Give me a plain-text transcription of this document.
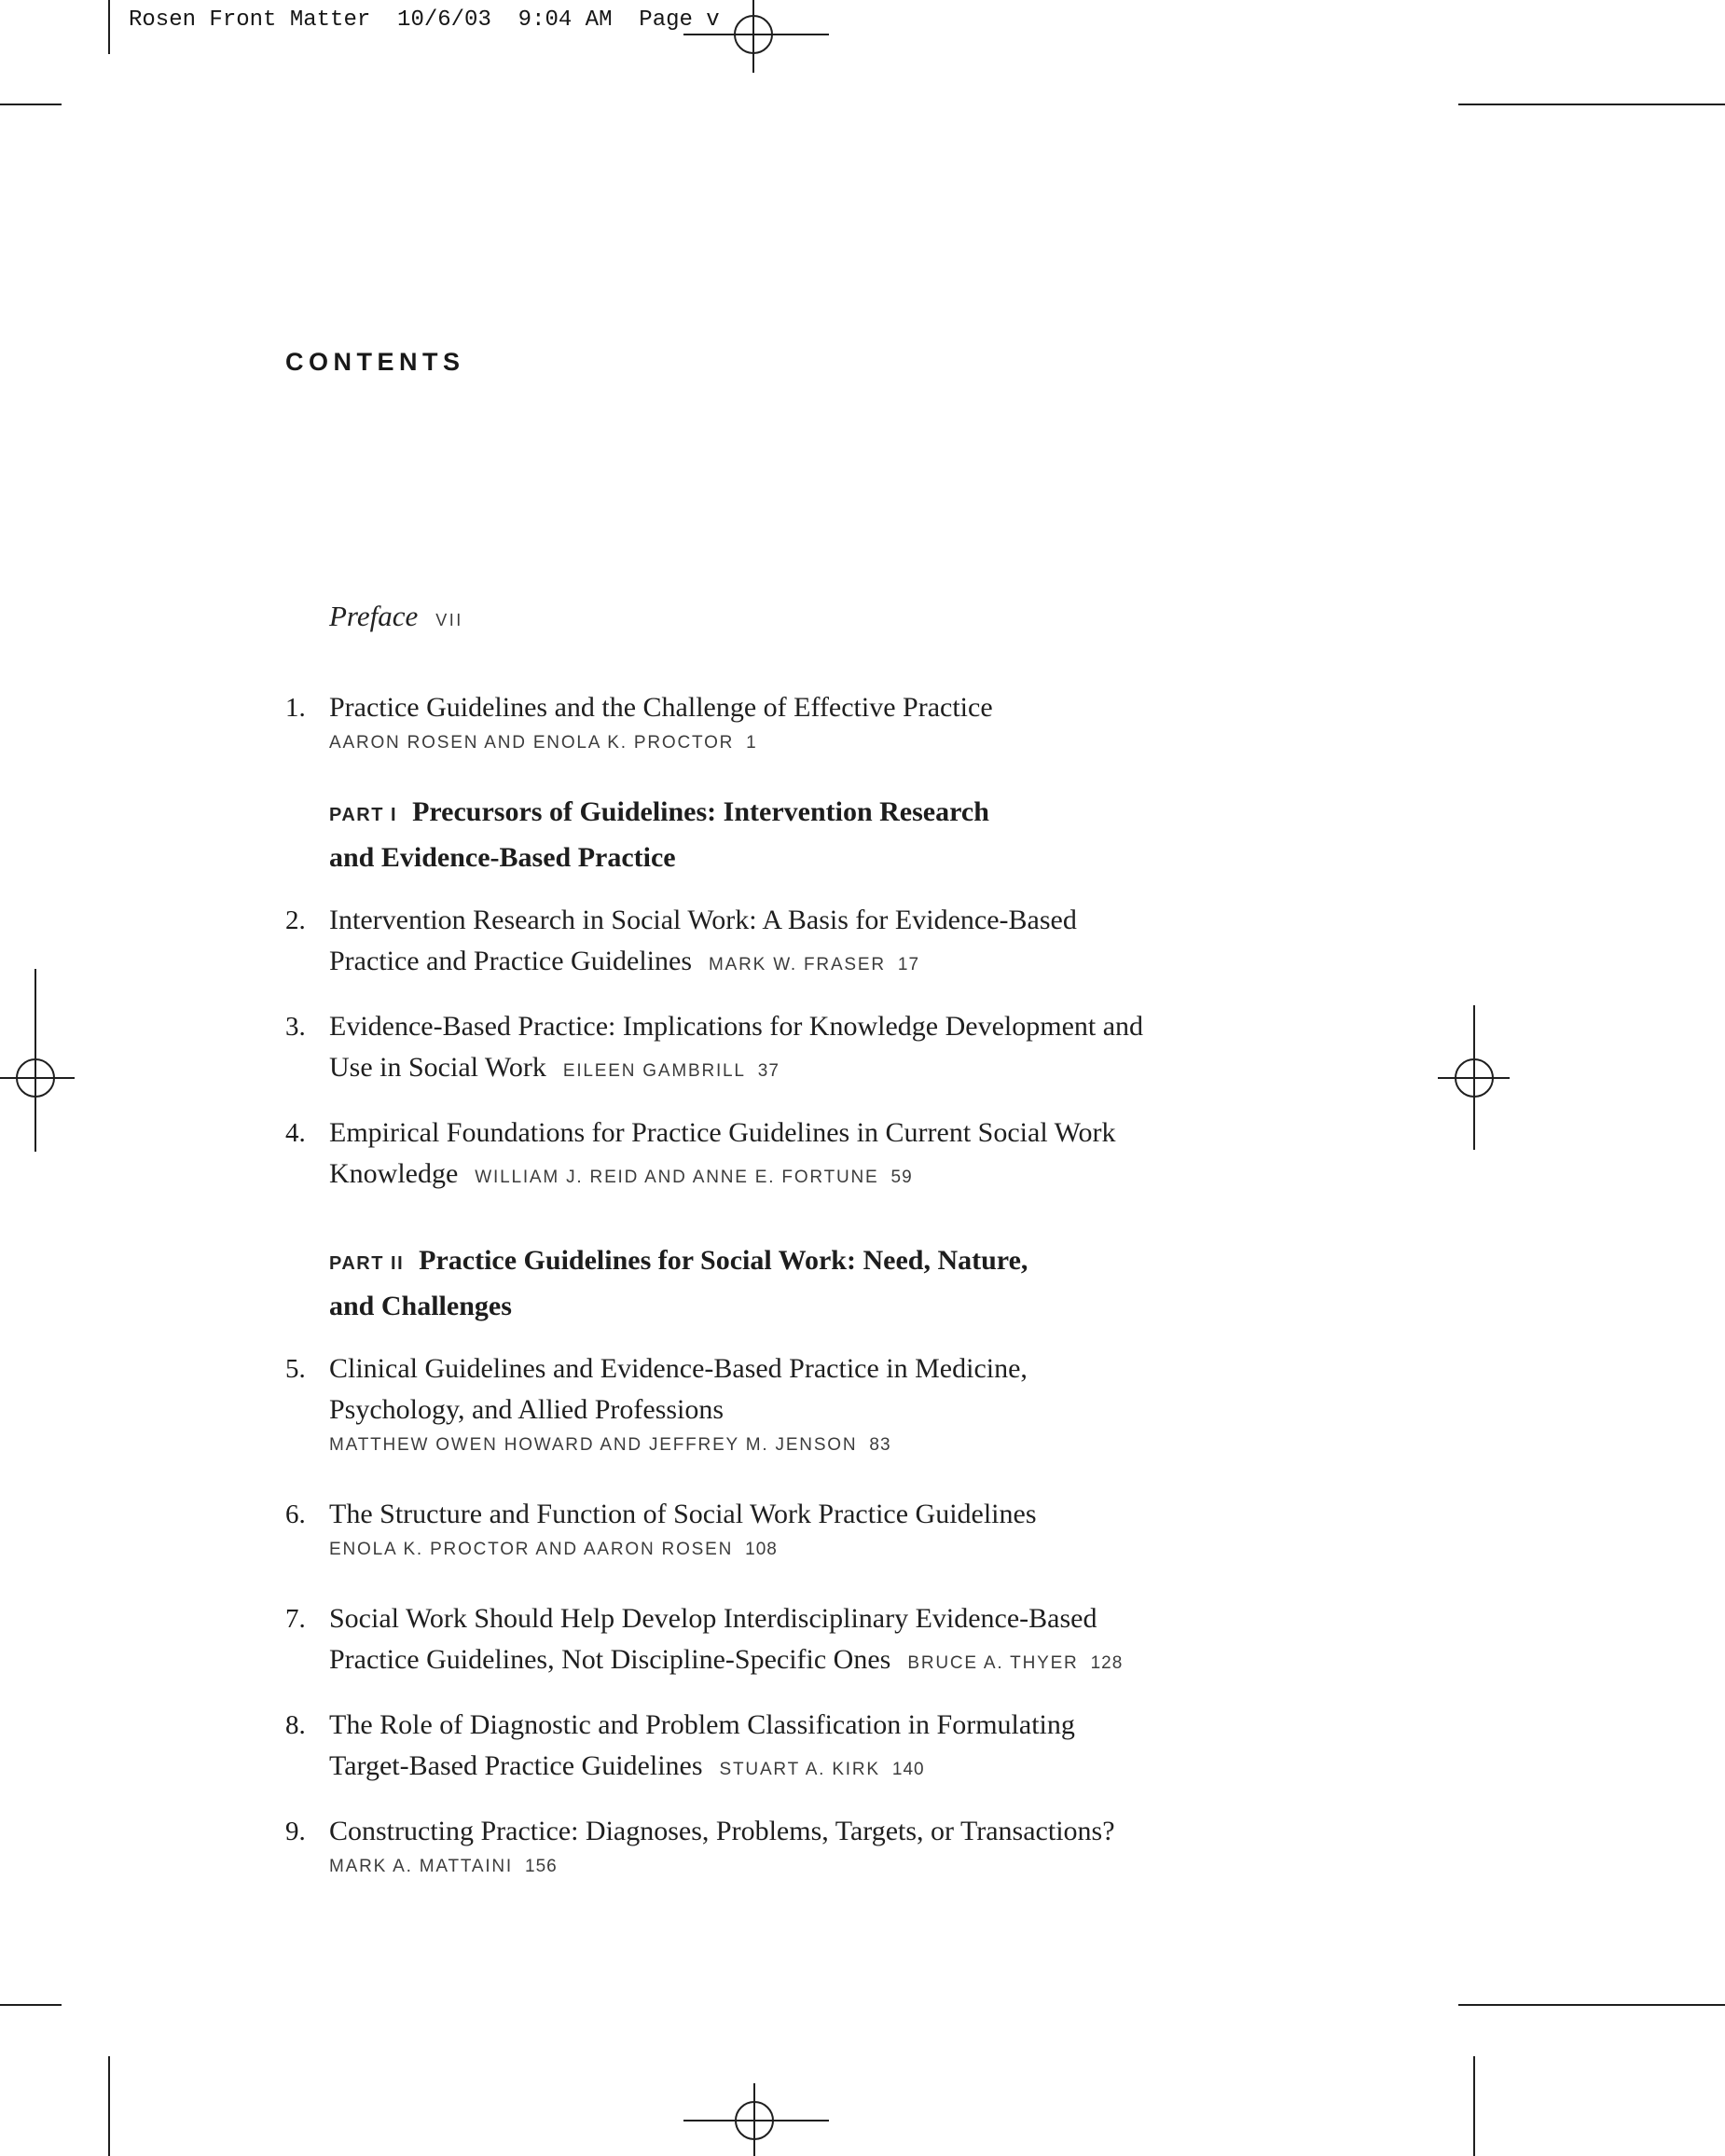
Rosen Front Matter  10/6/03  9:04 AM  Page v
CONTENTS
Preface VII
1. Practice Guidelines and the Challenge of Effective Practice
AARON ROSEN AND ENOLA K. PROCTOR 1
PART I Precursors of Guidelines: Intervention Research
and Evidence-Based Practice
2. Intervention Research in Social Work: A Basis for Evidence-Based
Practice and Practice Guidelines MARK W. FRASER 17
3. Evidence-Based Practice: Implications for Knowledge Development and
Use in Social Work EILEEN GAMBRILL 37
4. Empirical Foundations for Practice Guidelines in Current Social Work
Knowledge WILLIAM J. REID AND ANNE E. FORTUNE 59
PART II Practice Guidelines for Social Work: Need, Nature,
and Challenges
5. Clinical Guidelines and Evidence-Based Practice in Medicine,
Psychology, and Allied Professions
MATTHEW OWEN HOWARD AND JEFFREY M. JENSON 83
6. The Structure and Function of Social Work Practice Guidelines
ENOLA K. PROCTOR AND AARON ROSEN 108
7. Social Work Should Help Develop Interdisciplinary Evidence-Based
Practice Guidelines, Not Discipline-Specific Ones BRUCE A. THYER 128
8. The Role of Diagnostic and Problem Classification in Formulating
Target-Based Practice Guidelines STUART A. KIRK 140
9. Constructing Practice: Diagnoses, Problems, Targets, or Transactions?
MARK A. MATTAINI 156
